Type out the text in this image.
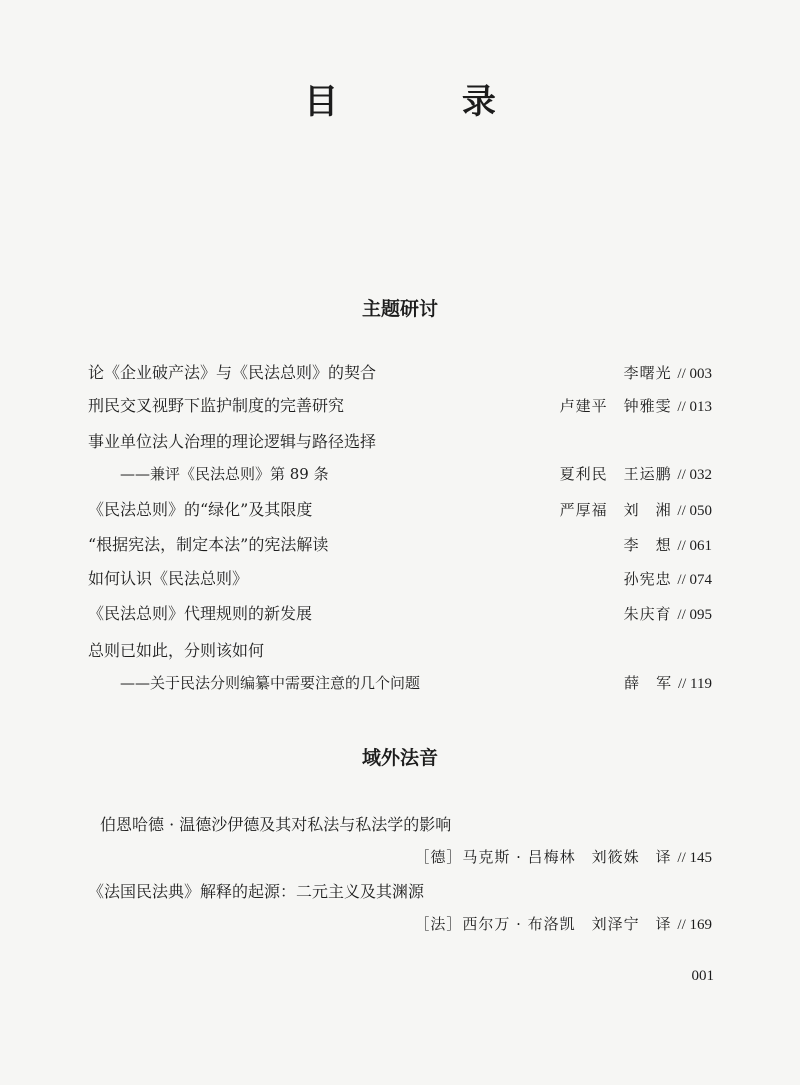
目 录
主题研讨
论《企业破产法》与《民法总则》的契合	李曙光 // 003
刑民交叉视野下监护制度的完善研究	卢建平　钟雅雯 // 013
事业单位法人治理的理论逻辑与路径选择
——兼评《民法总则》第 89 条	夏利民　王运鹏 // 032
《民法总则》的“绿化”及其限度	严厚福　刘　湘 // 050
“根据宪法，制定本法”的宪法解读	李　想 // 061
如何认识《民法总则》	孙宪忠 // 074
《民法总则》代理规则的新发展	朱庆育 // 095
总则已如此，分则该如何
——关于民法分则编纂中需要注意的几个问题	薛　军 // 119
域外法音
伯恩哈德 · 温德沙伊德及其对私法与私法学的影响
［德］马克斯 · 吕梅林　刘筱姝　译 // 145
《法国民法典》解释的起源：二元主义及其渊源
［法］西尔万 · 布洛凯　刘泽宁　译 // 169
001
